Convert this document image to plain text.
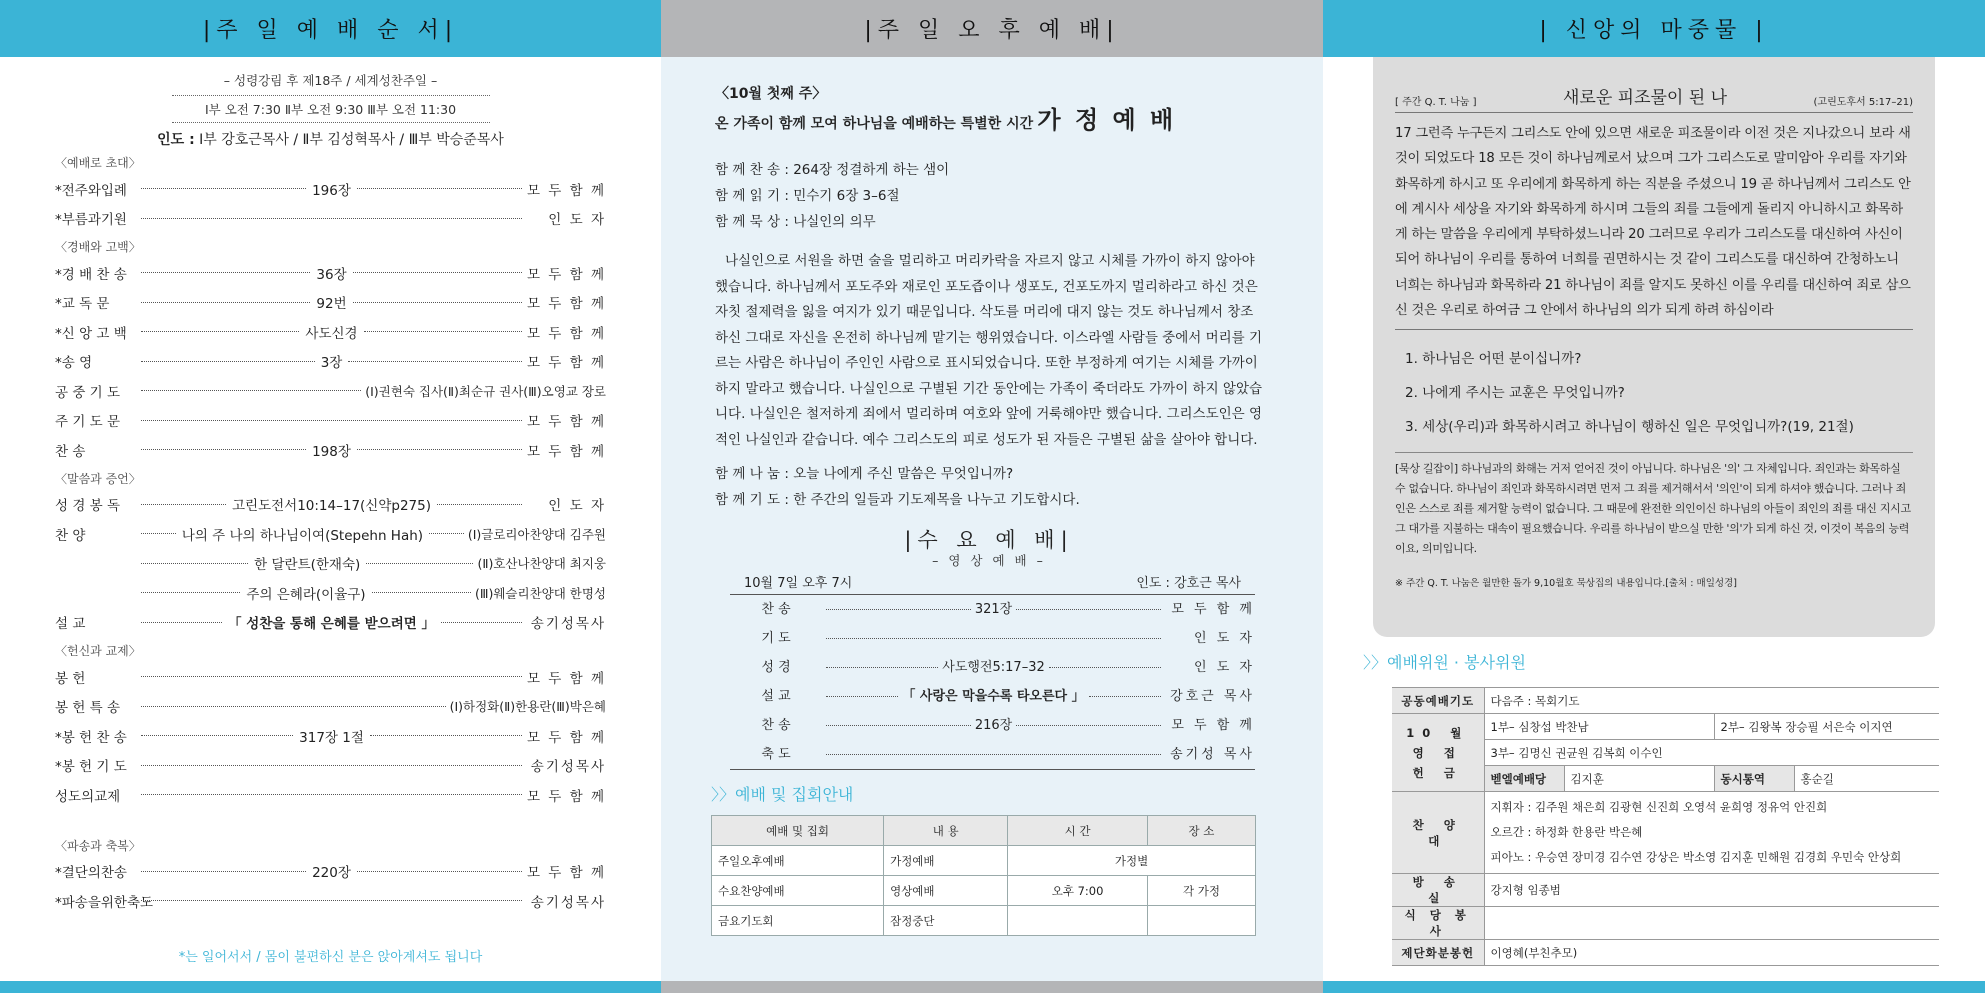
|주 일 예 배 순 서|
– 성령강림 후 제18주 / 세계성찬주일 –
Ⅰ부 오전 7:30 Ⅱ부 오전 9:30 Ⅲ부 오전 11:30
인도 : Ⅰ부 강호근목사 / Ⅱ부 김성혁목사 / Ⅲ부 박승준목사
〈예배로 초대〉
*전주와입례	196장	모 두 함 께
*부름과기원	인 도 자
〈경배와 고백〉
*경 배 찬 송	36장	모 두 함 께
*교 독 문	92번	모 두 함 께
*신 앙 고 백	사도신경	모 두 함 께
*송 영	3장	모 두 함 께
공 중 기 도	(Ⅰ)권현숙 집사(Ⅱ)최순규 권사(Ⅲ)오영교 장로
주 기 도 문	모 두 함 께
찬 송	198장	모 두 함 께
〈말씀과 증언〉
성 경 봉 독	고린도전서10:14–17(신약p275)	인 도 자
찬 양	나의 주 나의 하나님이여(Stepehn Hah)	(Ⅰ)글로리아찬양대 김주원
한 달란트(한재숙)	(Ⅱ)호산나찬양대 최지웅
주의 은혜라(이율구)	(Ⅲ)웨슬리찬양대 한명성
설 교	「 성찬을 통해 은혜를 받으려면 」	송기성목사
〈헌신과 교제〉
봉 헌	모 두 함 께
봉 헌 특 송	(Ⅰ)하정화(Ⅱ)한용란(Ⅲ)박은혜
*봉 헌 찬 송	317장 1절	모 두 함 께
*봉 헌 기 도	송기성목사
성도의교제	모 두 함 께
〈파송과 축복〉
*결단의찬송	220장	모 두 함 께
*파송을위한축도	송기성목사
*는 일어서서 / 몸이 불편하신 분은 앉아계셔도 됩니다
|주 일 오 후 예 배|
〈10월 첫째 주〉
온 가족이 함께 모여 하나님을 예배하는 특별한 시간 가 정 예 배
함 께 찬 송 : 264장 정결하게 하는 샘이
함 께 읽 기 : 민수기 6장 3–6절
함 께 묵 상 : 나실인의 의무
나실인으로 서원을 하면 술을 멀리하고 머리카락을 자르지 않고 시체를 가까이 하지 않아야 했습니다. 하나님께서 포도주와 재로인 포도즙이나 생포도, 건포도까지 멀리하라고 하신 것은 자칫 절제력을 잃을 여지가 있기 때문입니다. 삭도를 머리에 대지 않는 것도 하나님께서 창조하신 그대로 자신을 온전히 하나님께 맡기는 행위였습니다. 이스라엘 사람들 중에서 머리를 기르는 사람은 하나님이 주인인 사람으로 표시되었습니다. 또한 부정하게 여기는 시체를 가까이하지 말라고 했습니다. 나실인으로 구별된 기간 동안에는 가족이 죽더라도 가까이 하지 않았습니다. 나실인은 철저하게 죄에서 멀리하며 여호와 앞에 거룩해야만 했습니다. 그리스도인은 영적인 나실인과 같습니다. 예수 그리스도의 피로 성도가 된 자들은 구별된 삶을 살아야 합니다.
함 께 나 눔 : 오늘 나에게 주신 말씀은 무엇입니까?
함 께 기 도 : 한 주간의 일들과 기도제목을 나누고 기도합시다.
|수 요 예 배|
– 영 상 예 배 –
10월 7일 오후 7시	인도 : 강호근 목사
찬 송	321장	모 두 함 께
기 도	인 도 자
성 경	사도행전5:17–32	인 도 자
설 교	「 사랑은 막을수록 타오른다 」	강호근 목사
찬 송	216장	모 두 함 께
축 도	송기성 목사
〉〉예배 및 집회안내
예배 및 집회	내 용	시 간	장 소
주일오후예배	가정예배	가정별	
수요찬양예배	영상예배	오후 7:00	각 가정
금요기도회	잠정중단		
| 신앙의 마중물 |
[ 주간 Q. T. 나눔 ]	새로운 피조물이 된 나	(고린도후서 5:17–21)
17 그런즉 누구든지 그리스도 안에 있으면 새로운 피조물이라 이전 것은 지나갔으니 보라 새 것이 되었도다 18 모든 것이 하나님께로서 났으며 그가 그리스도로 말미암아 우리를 자기와 화목하게 하시고 또 우리에게 화목하게 하는 직분을 주셨으니 19 곧 하나님께서 그리스도 안에 계시사 세상을 자기와 화목하게 하시며 그들의 죄를 그들에게 돌리지 아니하시고 화목하게 하는 말씀을 우리에게 부탁하셨느니라 20 그러므로 우리가 그리스도를 대신하여 사신이 되어 하나님이 우리를 통하여 너희를 권면하시는 것 같이 그리스도를 대신하여 간청하노니 너희는 하나님과 화목하라 21 하나님이 죄를 알지도 못하신 이를 우리를 대신하여 죄로 삼으신 것은 우리로 하여금 그 안에서 하나님의 의가 되게 하려 하심이라
1. 하나님은 어떤 분이십니까?
2. 나에게 주시는 교훈은 무엇입니까?
3. 세상(우리)과 화목하시려고 하나님이 행하신 일은 무엇입니까?(19, 21절)
[묵상 길잡이] 하나님과의 화해는 거저 얻어진 것이 아닙니다. 하나님은 '의' 그 자체입니다. 죄인과는 화목하실 수 없습니다. 하나님이 죄인과 화목하시려면 먼저 그 죄를 제거해서서 '의인'이 되게 하셔야 했습니다. 그러나 죄인은 스스로 죄를 제거할 능력이 없습니다. 그 때문에 완전한 의인이신 하나님의 아들이 죄인의 죄를 대신 지시고 그 대가를 지불하는 대속이 필요했습니다. 우리를 하나님이 받으실 만한 '의'가 되게 하신 것, 이것이 복음의 능력이요, 의미입니다.
※ 주간 Q. T. 나눔은 월만한 돌가 9,10월호 묵상집의 내용입니다.[출처 : 매일성경]
〉〉예배위원 · 봉사위원
공동예배기도	다음주 : 목회기도			
10 월 영 접 헌 금	1부– 심창섭 박찬남		2부– 김왕복 장승필 서은숙 이지연	
	3부– 김명신 권균원 김복희 이수인			
	벧엘예배당	김지훈	동시통역	홍순길
찬 양 대	지휘자 : 김주원 채은희 김광현 신진희 오영석 윤희영 정유억 안진희
오르간 : 하정화 한용란 박은혜
피아노 : 우승연 장미경 김수연 강상은 박소영 김지훈 민해원 김경희 우민숙 안상희			

방 송 실	강지형 임종범			
식 당 봉 사				
제단화분봉헌	이영혜(부친추모)			
